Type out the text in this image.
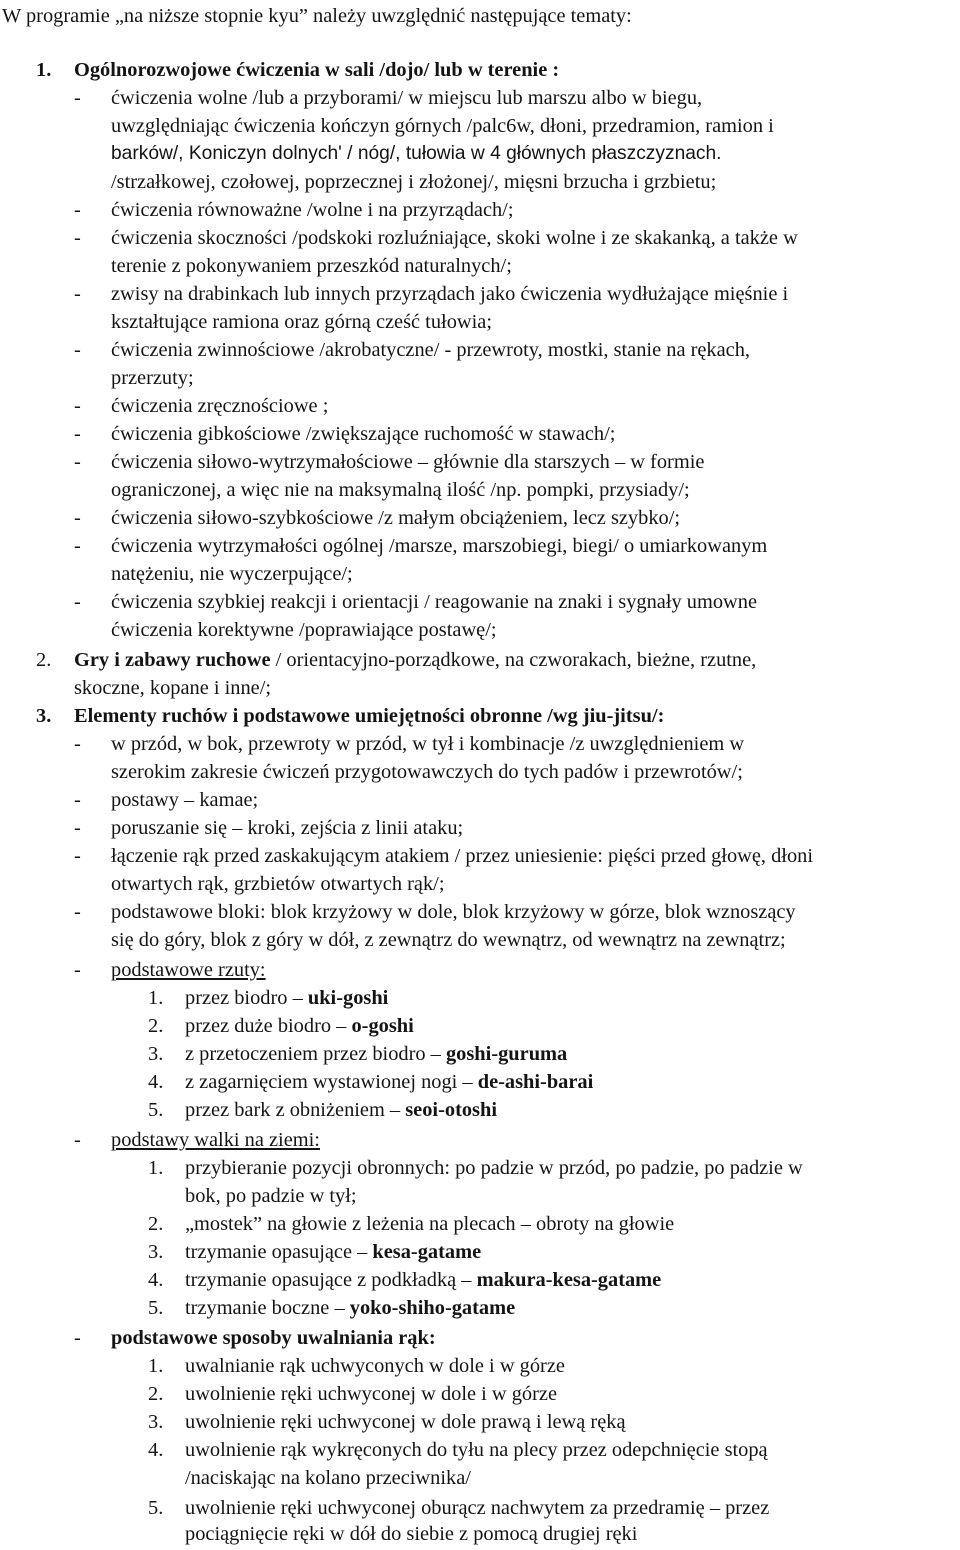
W programie „na niższe stopnie kyu” należy uwzględnić następujące tematy:
1. Ogólnorozwojowe ćwiczenia w sali /dojo/ lub w terenie :
- ćwiczenia wolne /lub a przyborami/ w miejscu lub marszu albo w biegu,
uwzględniając ćwiczenia kończyn górnych /palc6w, dłoni, przedramion, ramion i
barków/, Koniczyn dolnych' / nóg/, tułowia w 4 głównych płaszczyznach.
/strzałkowej, czołowej, poprzecznej i złożonej/, mięsni brzucha i grzbietu;
- ćwiczenia równoważne /wolne i na przyrządach/;
- ćwiczenia skoczności /podskoki rozluźniające, skoki wolne i ze skakanką, a także w
terenie z pokonywaniem przeszkód naturalnych/;
- zwisy na drabinkach lub innych przyrządach jako ćwiczenia wydłużające mięśnie i
kształtujące ramiona oraz górną cześć tułowia;
- ćwiczenia zwinnościowe /akrobatyczne/ - przewroty, mostki, stanie na rękach,
przerzuty;
- ćwiczenia zręcznościowe ;
- ćwiczenia gibkościowe /zwiększające ruchomość w stawach/;
- ćwiczenia siłowo-wytrzymałościowe – głównie dla starszych – w formie
ograniczonej, a więc nie na maksymalną ilość /np. pompki, przysiady/;
- ćwiczenia siłowo-szybkościowe /z małym obciążeniem, lecz szybko/;
- ćwiczenia wytrzymałości ogólnej /marsze, marszobiegi, biegi/ o umiarkowanym
natężeniu, nie wyczerpujące/;
- ćwiczenia szybkiej reakcji i orientacji / reagowanie na znaki i sygnały umowne
ćwiczenia korektywne /poprawiające postawę/;
2. Gry i zabawy ruchowe / orientacyjno-porządkowe, na czworakach, bieżne, rzutne,
skoczne, kopane i inne/;
3. Elementy ruchów i podstawowe umiejętności obronne /wg jiu-jitsu/:
- w przód, w bok, przewroty w przód, w tył i kombinacje /z uwzględnieniem w
szerokim zakresie ćwiczeń przygotowawczych do tych padów i przewrotów/;
- postawy – kamae;
- poruszanie się – kroki, zejścia z linii ataku;
- łączenie rąk przed zaskakującym atakiem / przez uniesienie: pięści przed głowę, dłoni
otwartych rąk, grzbietów otwartych rąk/;
- podstawowe bloki: blok krzyżowy w dole, blok krzyżowy w górze, blok wznoszący
się do góry, blok z góry w dół, z zewnątrz do wewnątrz, od wewnątrz na zewnątrz;
- podstawowe rzuty:
1. przez biodro – uki-goshi
2. przez duże biodro – o-goshi
3. z przetoczeniem przez biodro – goshi-guruma
4. z zagarnięciem wystawionej nogi – de-ashi-barai
5. przez bark z obniżeniem – seoi-otoshi
- podstawy walki na ziemi:
1. przybieranie pozycji obronnych: po padzie w przód, po padzie, po padzie w
bok, po padzie w tył;
2. „mostek” na głowie z leżenia na plecach – obroty na głowie
3. trzymanie opasujące – kesa-gatame
4. trzymanie opasujące z podkładką – makura-kesa-gatame
5. trzymanie boczne – yoko-shiho-gatame
- podstawowe sposoby uwalniania rąk:
1. uwalnianie rąk uchwyconych w dole i w górze
2. uwolnienie ręki uchwyconej w dole i w górze
3. uwolnienie ręki uchwyconej w dole prawą i lewą ręką
4. uwolnienie rąk wykręconych do tyłu na plecy przez odepchnięcie stopą
/naciskając na kolano przeciwnika/
5. uwolnienie ręki uchwyconej oburącz nachwytem za przedramię – przez
pociągnięcie ręki w dół do siebie z pomocą drugiej ręki
